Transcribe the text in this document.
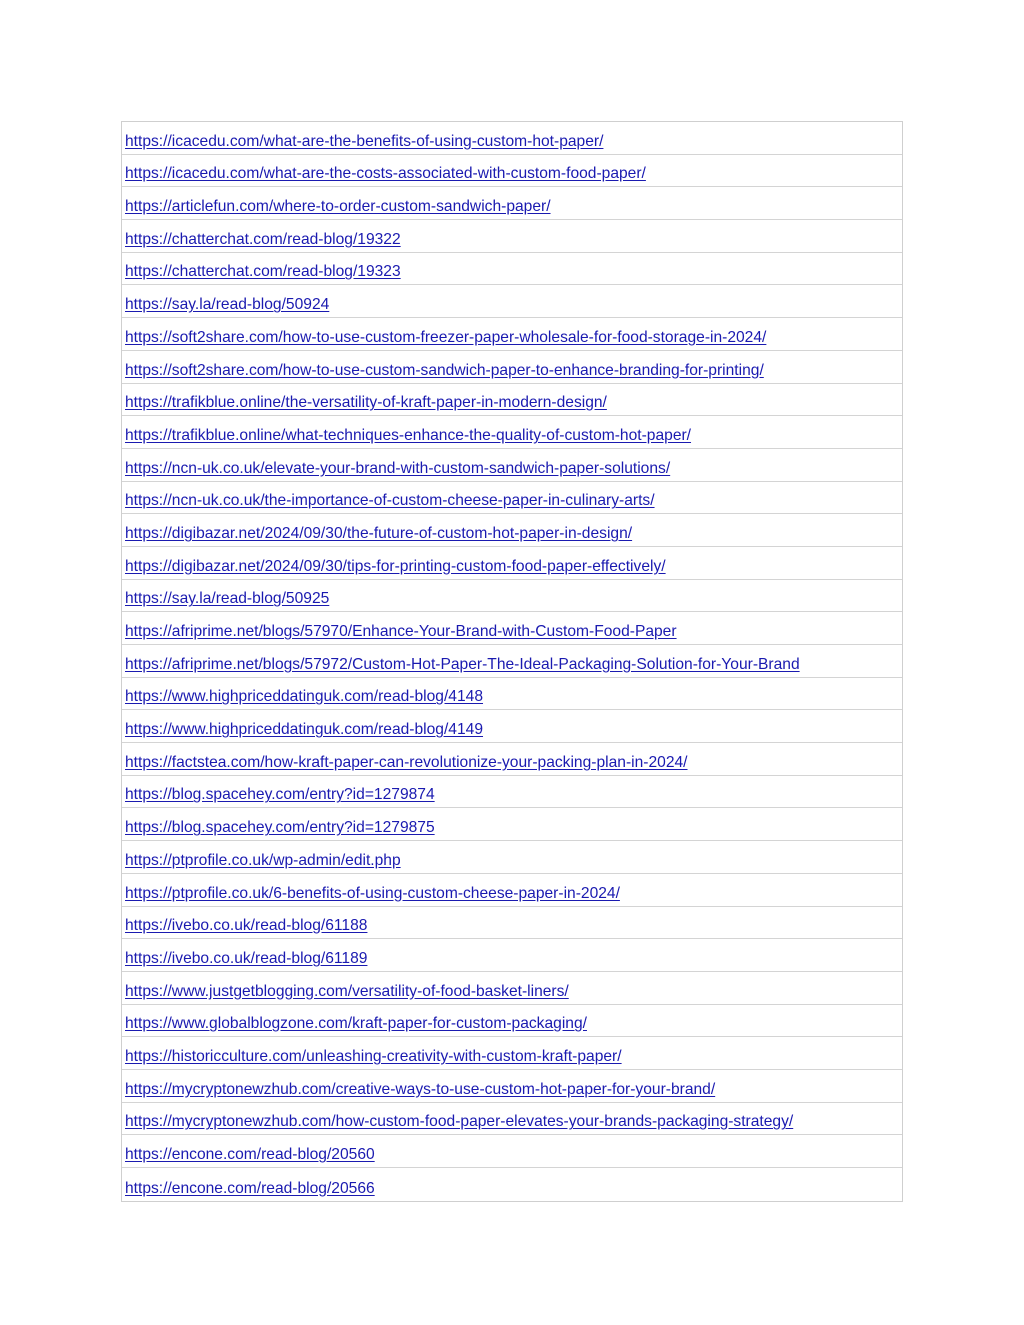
https://icacedu.com/what-are-the-benefits-of-using-custom-hot-paper/
https://icacedu.com/what-are-the-costs-associated-with-custom-food-paper/
https://articlefun.com/where-to-order-custom-sandwich-paper/
https://chatterchat.com/read-blog/19322
https://chatterchat.com/read-blog/19323
https://say.la/read-blog/50924
https://soft2share.com/how-to-use-custom-freezer-paper-wholesale-for-food-storage-in-2024/
https://soft2share.com/how-to-use-custom-sandwich-paper-to-enhance-branding-for-printing/
https://trafikblue.online/the-versatility-of-kraft-paper-in-modern-design/
https://trafikblue.online/what-techniques-enhance-the-quality-of-custom-hot-paper/
https://ncn-uk.co.uk/elevate-your-brand-with-custom-sandwich-paper-solutions/
https://ncn-uk.co.uk/the-importance-of-custom-cheese-paper-in-culinary-arts/
https://digibazar.net/2024/09/30/the-future-of-custom-hot-paper-in-design/
https://digibazar.net/2024/09/30/tips-for-printing-custom-food-paper-effectively/
https://say.la/read-blog/50925
https://afriprime.net/blogs/57970/Enhance-Your-Brand-with-Custom-Food-Paper
https://afriprime.net/blogs/57972/Custom-Hot-Paper-The-Ideal-Packaging-Solution-for-Your-Brand
https://www.highpriceddatinguk.com/read-blog/4148
https://www.highpriceddatinguk.com/read-blog/4149
https://factstea.com/how-kraft-paper-can-revolutionize-your-packing-plan-in-2024/
https://blog.spacehey.com/entry?id=1279874
https://blog.spacehey.com/entry?id=1279875
https://ptprofile.co.uk/wp-admin/edit.php
https://ptprofile.co.uk/6-benefits-of-using-custom-cheese-paper-in-2024/
https://ivebo.co.uk/read-blog/61188
https://ivebo.co.uk/read-blog/61189
https://www.justgetblogging.com/versatility-of-food-basket-liners/
https://www.globalblogzone.com/kraft-paper-for-custom-packaging/
https://historicculture.com/unleashing-creativity-with-custom-kraft-paper/
https://mycryptonewzhub.com/creative-ways-to-use-custom-hot-paper-for-your-brand/
https://mycryptonewzhub.com/how-custom-food-paper-elevates-your-brands-packaging-strategy/
https://encone.com/read-blog/20560
https://encone.com/read-blog/20566
